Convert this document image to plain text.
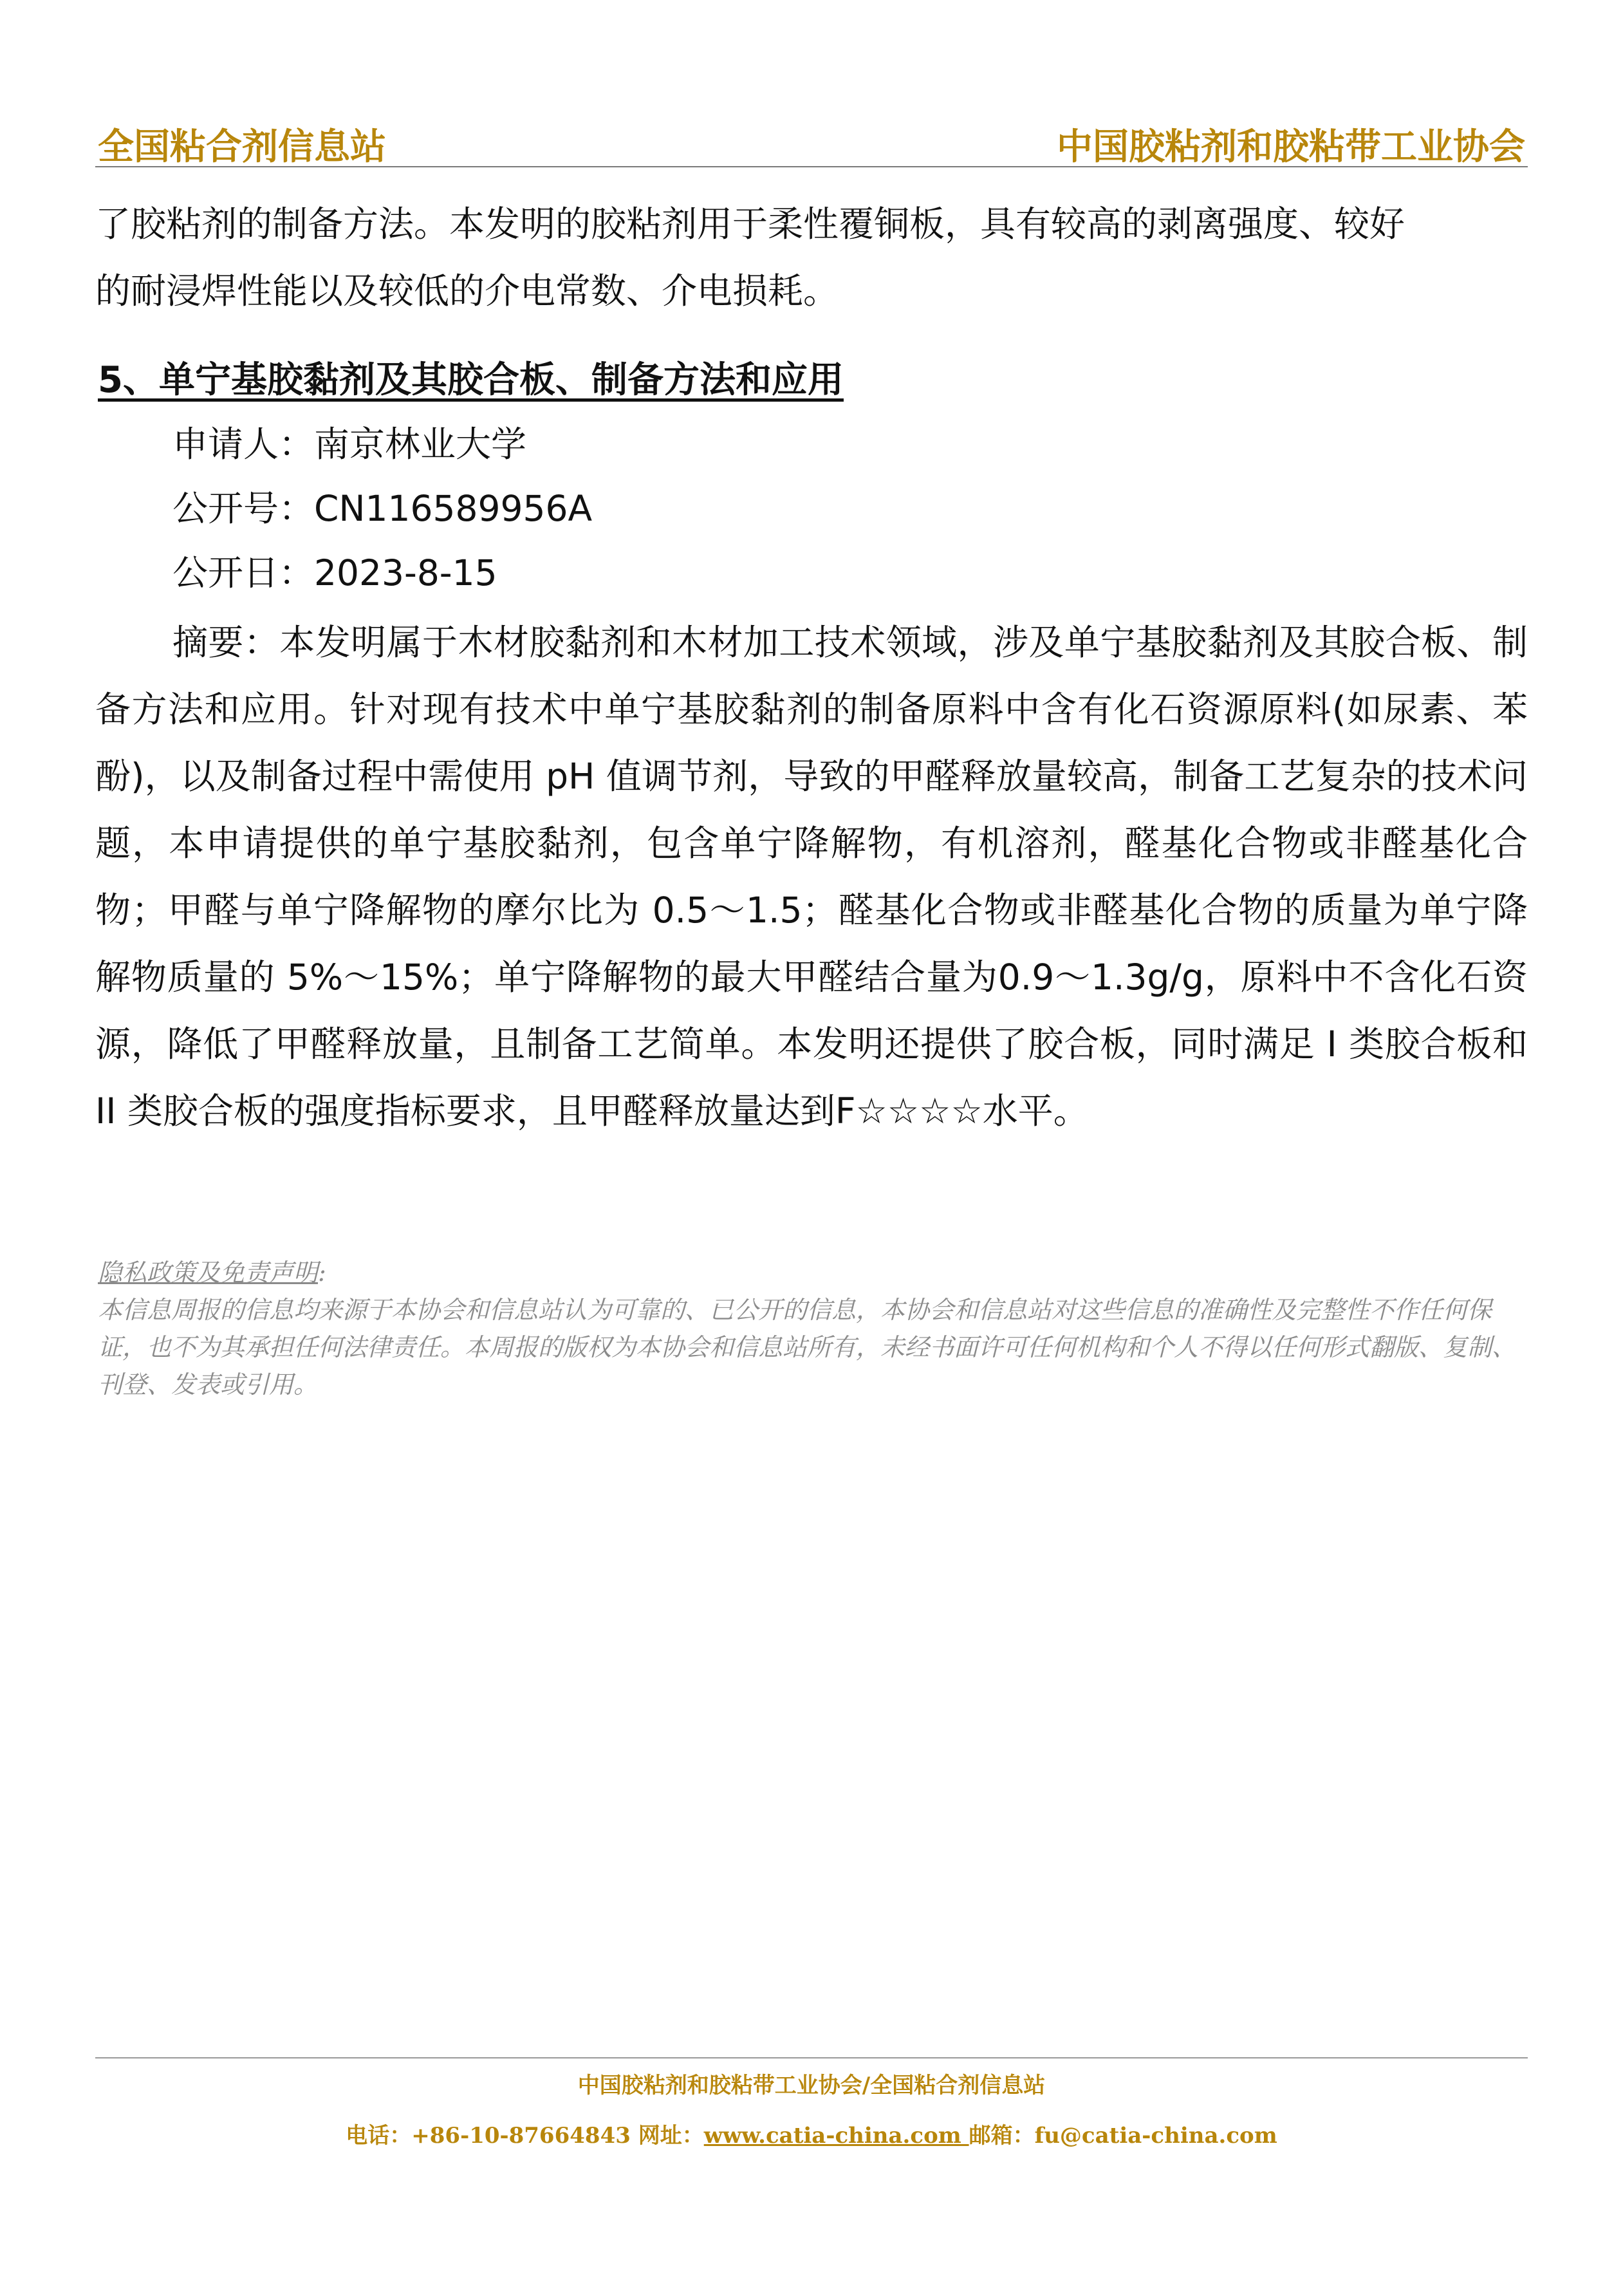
全国粘合剂信息站	中国胶粘剂和胶粘带工业协会
了胶粘剂的制备方法。本发明的胶粘剂用于柔性覆铜板，具有较高的剥离强度、较好
的耐浸焊性能以及较低的介电常数、介电损耗。
5、单宁基胶黏剂及其胶合板、制备方法和应用
申请人：南京林业大学
公开号：CN116589956A
公开日：2023-8-15
摘要：本发明属于木材胶黏剂和木材加工技术领域，涉及单宁基胶黏剂及其胶合板、制备方法和应用。针对现有技术中单宁基胶黏剂的制备原料中含有化石资源原料(如尿素、苯酚)，以及制备过程中需使用 pH 值调节剂，导致的甲醛释放量较高，制备工艺复杂的技术问题，本申请提供的单宁基胶黏剂，包含单宁降解物，有机溶剂，醛基化合物或非醛基化合物；甲醛与单宁降解物的摩尔比为 0.5～1.5；醛基化合物或非醛基化合物的质量为单宁降解物质量的 5%～15%；单宁降解物的最大甲醛结合量为0.9～1.3g/g，原料中不含化石资源，降低了甲醛释放量，且制备工艺简单。本发明还提供了胶合板，同时满足 I 类胶合板和 II 类胶合板的强度指标要求，且甲醛释放量达到F☆☆☆☆水平。
隐私政策及免责声明:
本信息周报的信息均来源于本协会和信息站认为可靠的、已公开的信息，本协会和信息站对这些信息的准确性及完整性不作任何保证，也不为其承担任何法律责任。本周报的版权为本协会和信息站所有，未经书面许可任何机构和个人不得以任何形式翻版、复制、刊登、发表或引用。
中国胶粘剂和胶粘带工业协会/全国粘合剂信息站
电话：+86-10-87664843 网址：www.catia-china.com 邮箱：fu@catia-china.com
